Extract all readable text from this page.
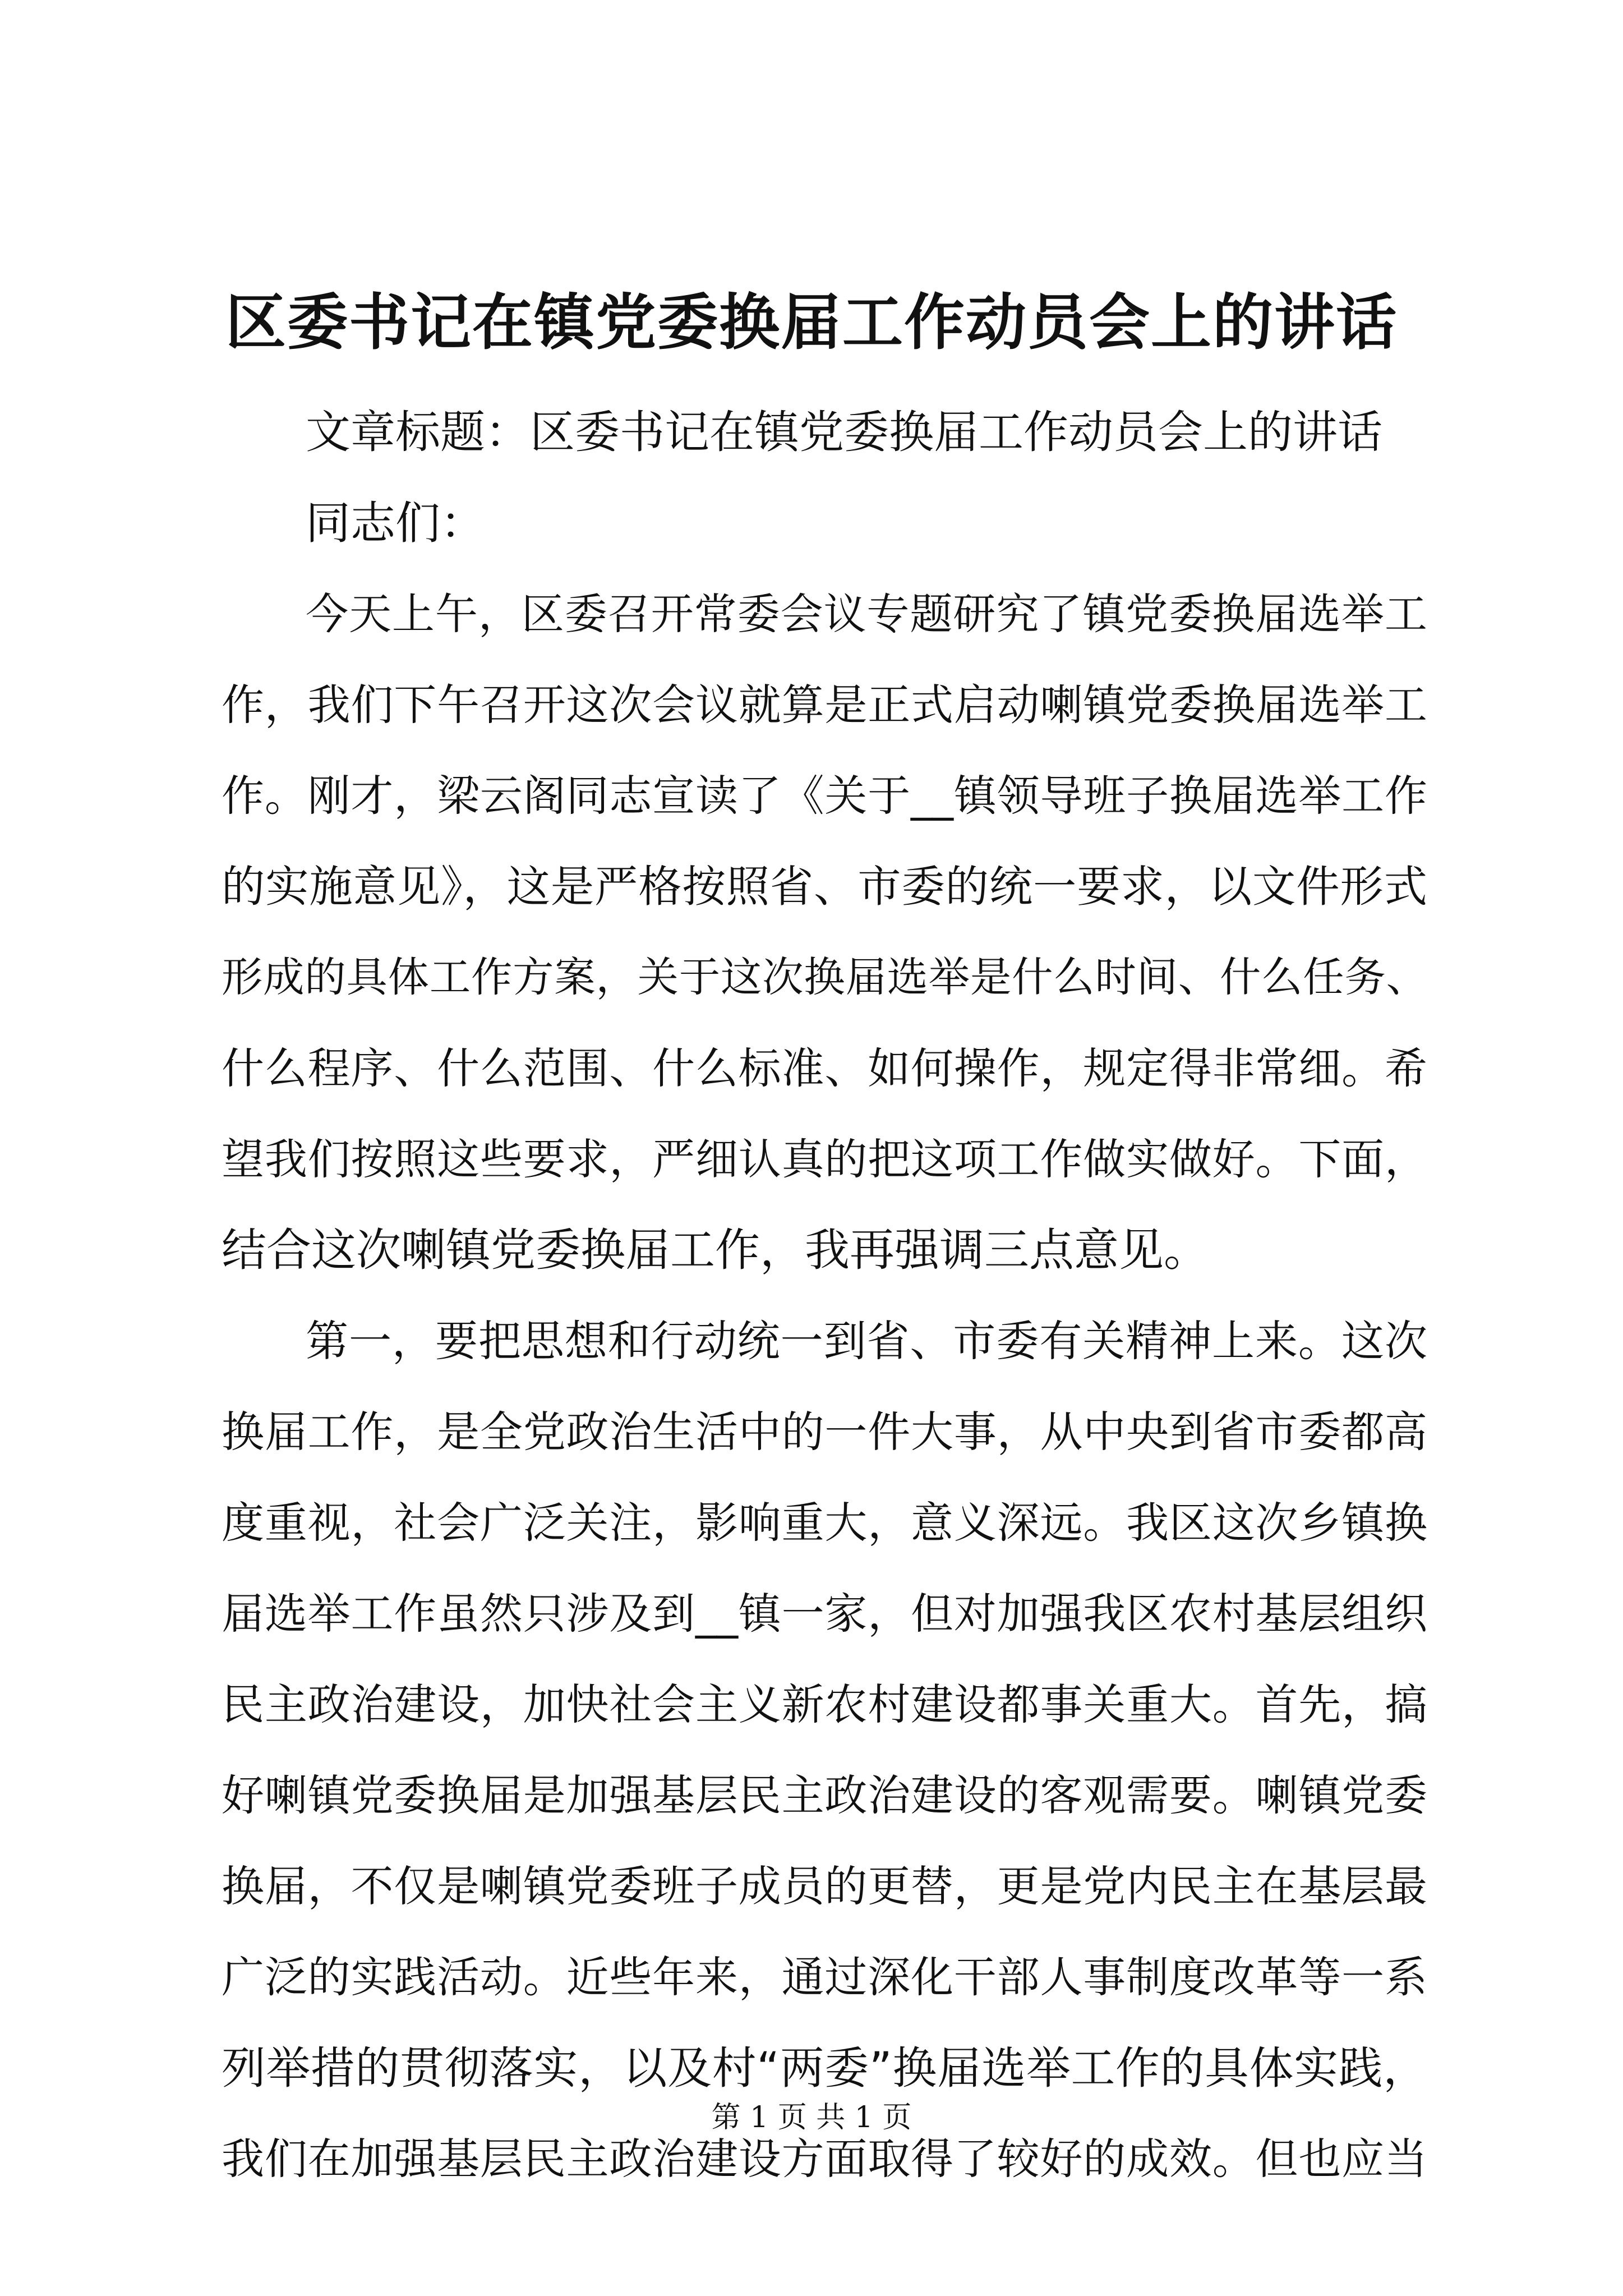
区委书记在镇党委换届工作动员会上的讲话
文章标题：区委书记在镇党委换届工作动员会上的讲话
同志们：
今天上午，区委召开常委会议专题研究了镇党委换届选举工
作，我们下午召开这次会议就算是正式启动喇镇党委换届选举工
作。刚才，梁云阁同志宣读了《关于__镇领导班子换届选举工作
的实施意见》，这是严格按照省、市委的统一要求，以文件形式
形成的具体工作方案，关于这次换届选举是什么时间、什么任务、
什么程序、什么范围、什么标准、如何操作，规定得非常细。希
望我们按照这些要求，严细认真的把这项工作做实做好。下面，
结合这次喇镇党委换届工作，我再强调三点意见。
第一，要把思想和行动统一到省、市委有关精神上来。这次
换届工作，是全党政治生活中的一件大事，从中央到省市委都高
度重视，社会广泛关注，影响重大，意义深远。我区这次乡镇换
届选举工作虽然只涉及到__镇一家，但对加强我区农村基层组织
民主政治建设，加快社会主义新农村建设都事关重大。首先，搞
好喇镇党委换届是加强基层民主政治建设的客观需要。喇镇党委
换届，不仅是喇镇党委班子成员的更替，更是党内民主在基层最
广泛的实践活动。近些年来，通过深化干部人事制度改革等一系
列举措的贯彻落实，以及村“两委”换届选举工作的具体实践，
我们在加强基层民主政治建设方面取得了较好的成效。但也应当
第 1 页 共 1 页
